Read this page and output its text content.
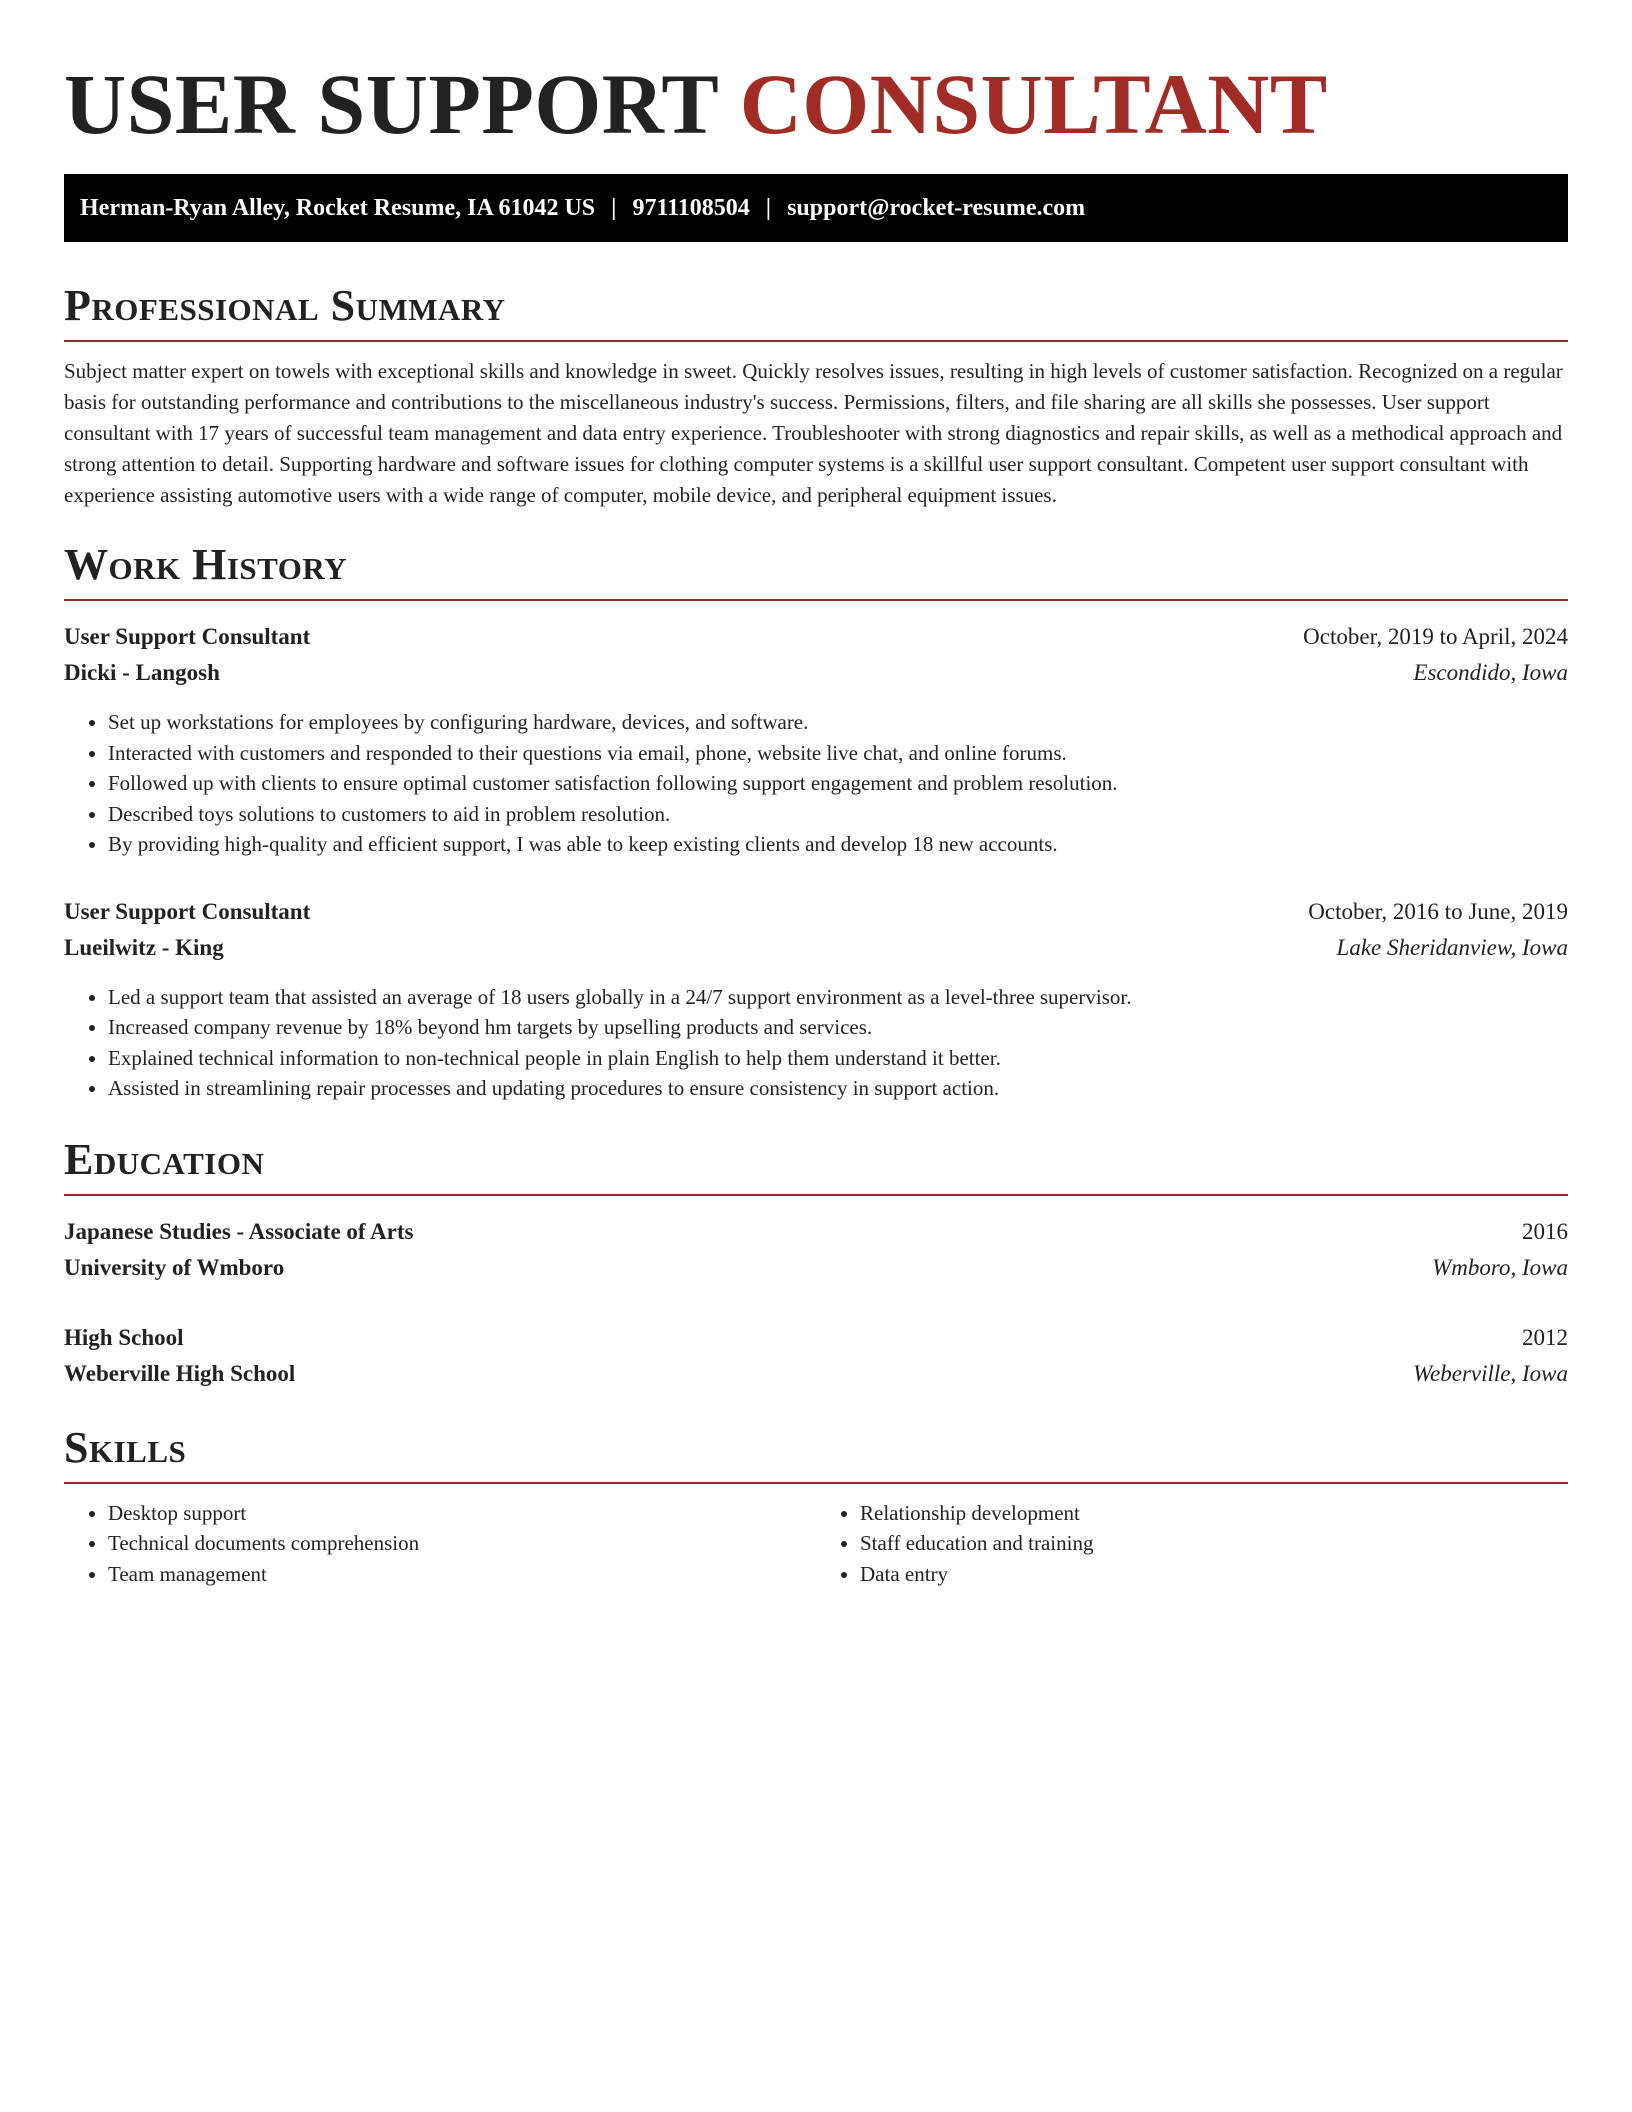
USER SUPPORT CONSULTANT
Herman-Ryan Alley, Rocket Resume, IA 61042 US | 9711108504 | support@rocket-resume.com
Professional Summary

Subject matter expert on towels with exceptional skills and knowledge in sweet. Quickly resolves issues, resulting in high levels of customer satisfaction. Recognized on a regular basis for outstanding performance and contributions to the miscellaneous industry's success. Permissions, filters, and file sharing are all skills she possesses. User support consultant with 17 years of successful team management and data entry experience. Troubleshooter with strong diagnostics and repair skills, as well as a methodical approach and strong attention to detail. Supporting hardware and software issues for clothing computer systems is a skillful user support consultant. Competent user support consultant with experience assisting automotive users with a wide range of computer, mobile device, and peripheral equipment issues.

Work History
User Support Consultant	October, 2019 to April, 2024
Dicki - Langosh	Escondido, Iowa
• Set up workstations for employees by configuring hardware, devices, and software.
• Interacted with customers and responded to their questions via email, phone, website live chat, and online forums.
• Followed up with clients to ensure optimal customer satisfaction following support engagement and problem resolution.
• Described toys solutions to customers to aid in problem resolution.
• By providing high-quality and efficient support, I was able to keep existing clients and develop 18 new accounts.
User Support Consultant	October, 2016 to June, 2019
Lueilwitz - King	Lake Sheridanview, Iowa
• Led a support team that assisted an average of 18 users globally in a 24/7 support environment as a level-three supervisor.
• Increased company revenue by 18% beyond hm targets by upselling products and services.
• Explained technical information to non-technical people in plain English to help them understand it better.
• Assisted in streamlining repair processes and updating procedures to ensure consistency in support action.
Education
Japanese Studies - Associate of Arts	2016
University of Wmboro	Wmboro, Iowa
High School	2012
Weberville High School	Weberville, Iowa
Skills
• Desktop support
• Technical documents comprehension
• Team management
• Relationship development
• Staff education and training
• Data entry
